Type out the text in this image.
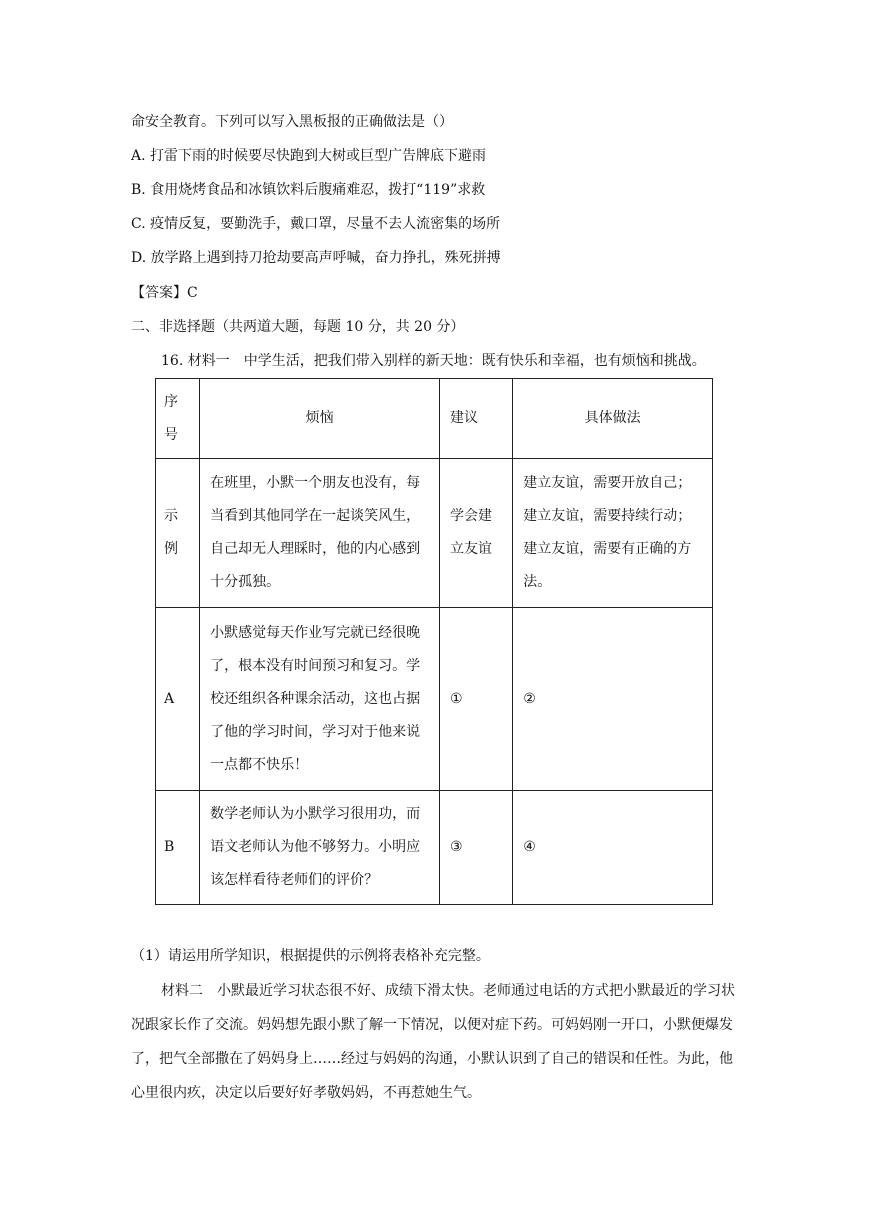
命安全教育。下列可以写入黑板报的正确做法是（）
A. 打雷下雨的时候要尽快跑到大树或巨型广告牌底下避雨
B. 食用烧烤食品和冰镇饮料后腹痛难忍，拨打“119”求救
C. 疫情反复，要勤洗手，戴口罩，尽量不去人流密集的场所
D. 放学路上遇到持刀抢劫要高声呼喊，奋力挣扎，殊死拼搏
【答案】C
二、非选择题（共两道大题，每题 10 分，共 20 分）
16. 材料一　中学生活，把我们带入别样的新天地：既有快乐和幸福，也有烦恼和挑战。
序号	烦恼	建议	具体做法
示例	在班里，小默一个朋友也没有，每当看到其他同学在一起谈笑风生，自己却无人理睬时，他的内心感到十分孤独。	学会建立友谊	建立友谊，需要开放自己；建立友谊，需要持续行动；建立友谊，需要有正确的方法。
A	小默感觉每天作业写完就已经很晚了，根本没有时间预习和复习。学校还组织各种课余活动，这也占据了他的学习时间，学习对于他来说一点都不快乐！	①	②
B	数学老师认为小默学习很用功，而语文老师认为他不够努力。小明应该怎样看待老师们的评价？	③	④
（1）请运用所学知识，根据提供的示例将表格补充完整。
材料二　小默最近学习状态很不好、成绩下滑太快。老师通过电话的方式把小默最近的学习状况跟家长作了交流。妈妈想先跟小默了解一下情况，以便对症下药。可妈妈刚一开口，小默便爆发了，把气全部撒在了妈妈身上……经过与妈妈的沟通，小默认识到了自己的错误和任性。为此，他心里很内疚，决定以后要好好孝敬妈妈，不再惹她生气。
